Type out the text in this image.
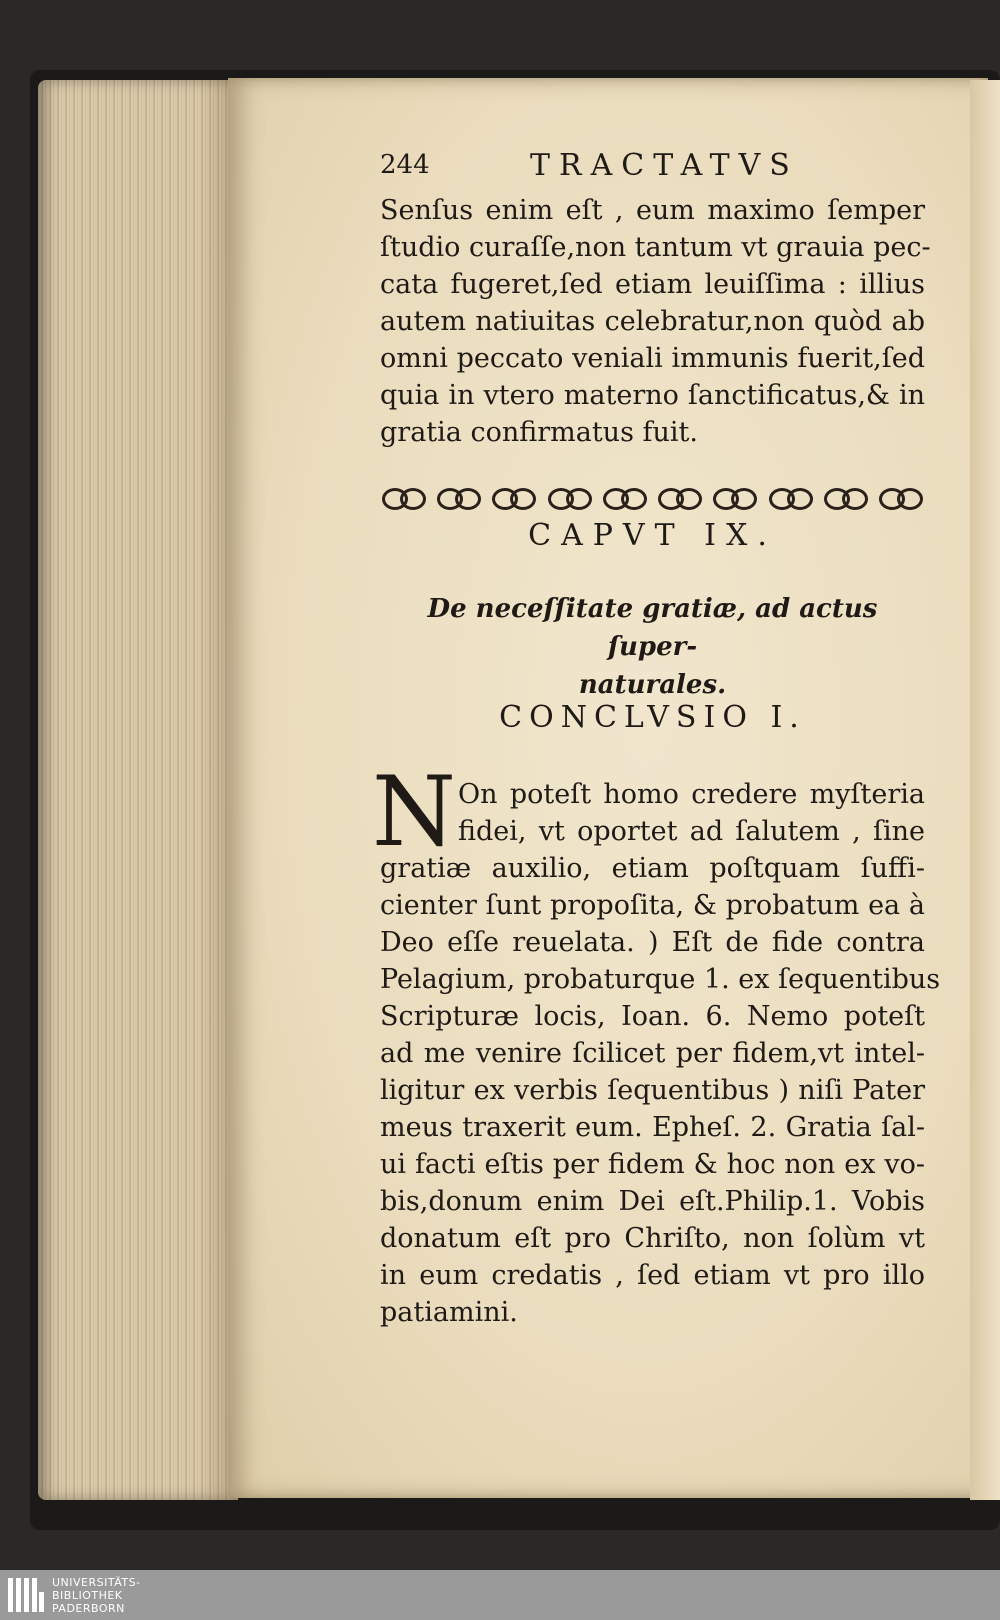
244	TRACTATVS
Senſus enim eſt , eum maximo ſemper
ſtudio curaſſe,non tantum vt grauia pec-
cata fugeret,ſed etiam leuiſſima : illius
autem natiuitas celebratur,non quòd ab
omni peccato veniali immunis fuerit,ſed
quia in vtero materno ſanctificatus,& in
gratia confirmatus fuit.
CAPVT IX.
De neceſſitate gratiæ, ad actus ſuper-
naturales.
CONCLVSIO I.
N On poteſt homo credere myſteria
fidei, vt oportet ad ſalutem , ſine
gratiæ auxilio, etiam poſtquam ſuffi-
cienter ſunt propoſita, & probatum ea à
Deo eſſe reuelata. ) Eſt de fide contra
Pelagium, probaturque 1. ex ſequentibus
Scripturæ locis, Ioan. 6. Nemo poteſt
ad me venire ſcilicet per fidem,vt intel-
ligitur ex verbis ſequentibus ) niſi Pater
meus traxerit eum. Epheſ. 2. Gratia ſal-
ui facti eſtis per fidem & hoc non ex vo-
bis,donum enim Dei eſt.Philip.1. Vobis
donatum eſt pro Chriſto, non ſolùm vt
in eum credatis , ſed etiam vt pro illo
patiamini.
UNIVERSITÄTS-
BIBLIOTHEK
PADERBORN
